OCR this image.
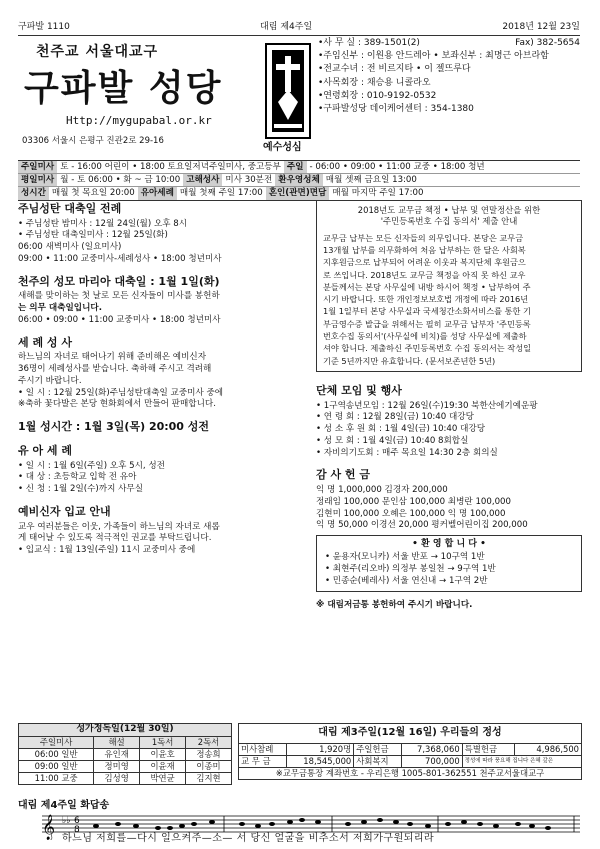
구파발 1110	대림 제4주일	2018년 12월 23일
천주교 서울대교구
구파발 성당
Http://mygupabal.or.kr
03306 서울시 은평구 진관2로 29-16
예수성심
•사 무 실 : 389-1501(2)	Fax) 382-5654
•주임신부 : 이원용 안드레아 • 보좌신부 : 최명근 아브라함
•전교수녀 : 전 비르지타 • 이 젤뜨루다
•사목회장 : 채승용 니콜라오
•연령회장 : 010-9192-0532
•구파발성당 데이케어센터 : 354-1380
주일미사 토 - 16:00 어린이 • 18:00 토요일저녁주일미사, 중고등부 주일 - 06:00 • 09:00 • 11:00 교중 • 18:00 청년
평일미사 월 - 토 06:00 • 화 ~ 금 10:00 고해성사 미사 30분전 환우영성체 매월 셋째 금요일 13:00
성시간 매월 첫 목요일 20:00 유아세례 매월 첫째 주일 17:00 혼인(관면)면담 매월 마지막 주일 17:00
주님성탄 대축일 전례
• 주님성탄 밤미사 : 12월 24일(월) 오후 8시
• 주님성탄 대축일미사 : 12월 25일(화)
06:00 새벽미사 (일요미사)
09:00 • 11:00 교중미사-세례성사 • 18:00 청년미사
천주의 성모 마리아 대축일 : 1월 1일(화)
새해를 맞이하는 첫 날로 모든 신자들이 미사를 봉헌하
는 의무 대축일입니다.
06:00 • 09:00 • 11:00 교중미사 • 18:00 청년미사
세 례 성 사
하느님의 자녀로 태어나기 위해 준비해온 예비신자
36명이 세례성사를 받습니다. 축하해 주시고 격려해
주시기 바랍니다.
• 일 시 : 12월 25일(화)주님성탄대축일 교중미사 중에
※축하 꽃다발은 본당 현화회에서 만들어 판매합니다.
1월 성시간 : 1월 3일(목) 20:00 성전
유 아 세 례
• 일 시 : 1월 6일(주일) 오후 5시, 성전
• 대 상 : 초등학교 입학 전 유아
• 신 청 : 1월 2일(수)까지 사무실
예비신자 입교 안내
교우 여러분들은 이웃, 가족들이 하느님의 자녀로 새롭
게 태어날 수 있도록 적극적인 권교를 부탁드립니다.
• 입교식 : 1월 13일(주일) 11시 교중미사 중에
2018년도 교무금 책정 • 납부 및 연말정산을 위한
'주민등록번호 수집 동의서' 제출 안내
교무금 납부는 모든 신자들의 의무입니다. 본당은 교무금
13개월 납부를 의무화하여 처음 납부하는 한 달은 사회복
지후원금으로 납부되어 어려운 이웃과 복지단체 후원금으
로 쓰입니다. 2018년도 교무금 책정을 아직 못 하신 교우
분들께서는 본당 사무실에 내방 하시어 책정 • 납부하여 주
시기 바랍니다. 또한 개인정보보호법 개정에 따라 2016년
1월 1일부터 본당 사무실과 국세청간소화서비스를 통한 기
부금영수증 발급을 위해서는 필히 교무금 납부자 '주민등록
번호수집 동의서'(사무실에 비치)를 성당 사무실에 제출하
셔야 합니다. 제출하신 주민등록번호 수집 동의서는 작성일
기준 5년까지만 유효합니다. (문서보존년한 5년)
단체 모임 및 행사
• 1구역송년모임 : 12월 26일(수)19:30 북한산에기예운팡
• 연 령 회 : 12월 28일(금) 10:40 대강당
• 성 소 후 원 회 : 1월 4일(금) 10:40 대강당
• 성 모 회 : 1월 4일(금) 10:40 8회합실
• 자비의기도회 : 매주 목요일 14:30 2층 회의실
감 사 헌 금
익 명 1,000,000 김경자 200,000
정래임 100,000 문인삼 100,000 최병란 100,000
김현미 100,000 오혜은 100,000 익 명 100,000
익 명 50,000 이경선 20,000 평커벨어린이집 200,000
• 환 영 합 니 다 •
• 윤용자(모니카) 서울 반포 → 10구역 1반
• 최현주(리오바) 의정부 봉일천 → 9구역 1반
• 민종순(베레사) 서울 연신내 → 1구역 2반
※ 대림저금통 봉헌하여 주시기 바랍니다.
성가정독일(12월 30일)
주일미사	해설	1독서	2독서
06:00 일반	유인재	이윤호	정송희
09:00 일반	정미영	이윤재	이종미
11:00 교중	김성영	박연균	김지현
대림 제3주일(12월 16일) 우리들의 정성
미사참례	1,920명	주일헌금	7,368,060	특별헌금	4,986,500
교 무 금	18,545,000	사회복지	700,000	정성에 따라 풍요해 집니다 은혜 갚은	
※교무금통장 계좌번호 - 우리은행 1005-801-362551 천주교서울대교구					
대림 제4주일 화답송
𝄞 ♭♭ 6
8
하느님 저희를—다시 일으켜주—소— 서 당신 얼굴을 비추소서 저희가구원되리라
